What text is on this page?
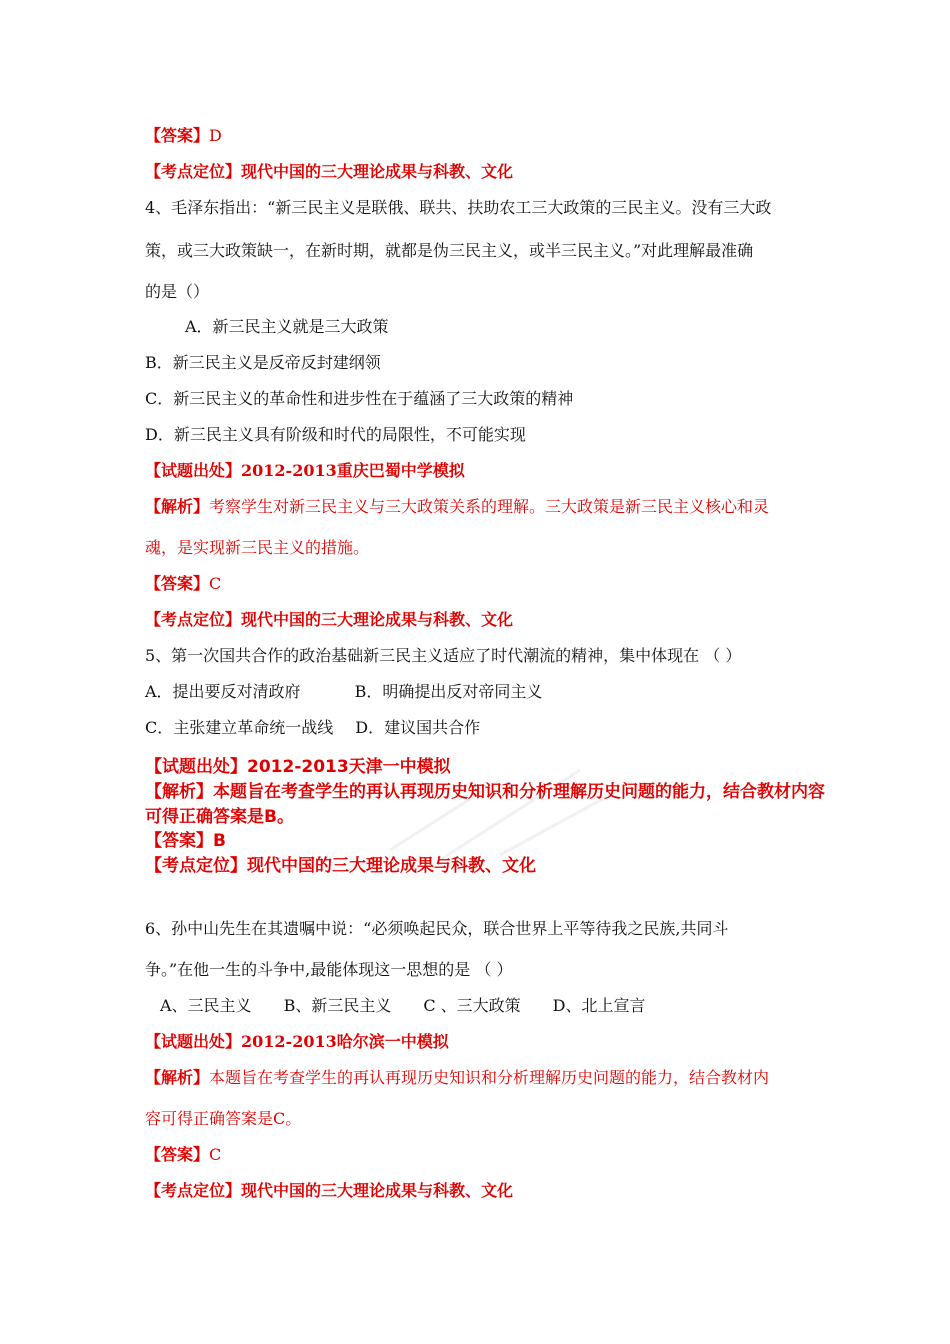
【答案】D
【考点定位】现代中国的三大理论成果与科教、文化
4、毛泽东指出：“新三民主义是联俄、联共、扶助农工三大政策的三民主义。没有三大政
策，或三大政策缺一，在新时期，就都是伪三民主义，或半三民主义。”对此理解最准确
的是（）
A．新三民主义就是三大政策
B．新三民主义是反帝反封建纲领
C．新三民主义的革命性和进步性在于蕴涵了三大政策的精神
D．新三民主义具有阶级和时代的局限性，不可能实现
【试题出处】2012-2013重庆巴蜀中学模拟
【解析】考察学生对新三民主义与三大政策关系的理解。三大政策是新三民主义核心和灵
魂，是实现新三民主义的措施。
【答案】C
【考点定位】现代中国的三大理论成果与科教、文化
5、第一次国共合作的政治基础新三民主义适应了时代潮流的精神，集中体现在 （ ）
A．提出要反对清政府	B．明确提出反对帝同主义
C．主张建立革命统一战线 D．建议国共合作
【试题出处】2012-2013天津一中模拟
【解析】本题旨在考查学生的再认再现历史知识和分析理解历史问题的能力，结合教材内容
可得正确答案是B。
【答案】B
【考点定位】现代中国的三大理论成果与科教、文化
6、孙中山先生在其遗嘱中说：“必须唤起民众，联合世界上平等待我之民族,共同斗
争。”在他一生的斗争中,最能体现这一思想的是 （ ）
A、三民主义 B、新三民主义 C 、三大政策 D、北上宣言
【试题出处】2012-2013哈尔滨一中模拟
【解析】本题旨在考查学生的再认再现历史知识和分析理解历史问题的能力，结合教材内
容可得正确答案是C。
【答案】C
【考点定位】现代中国的三大理论成果与科教、文化
